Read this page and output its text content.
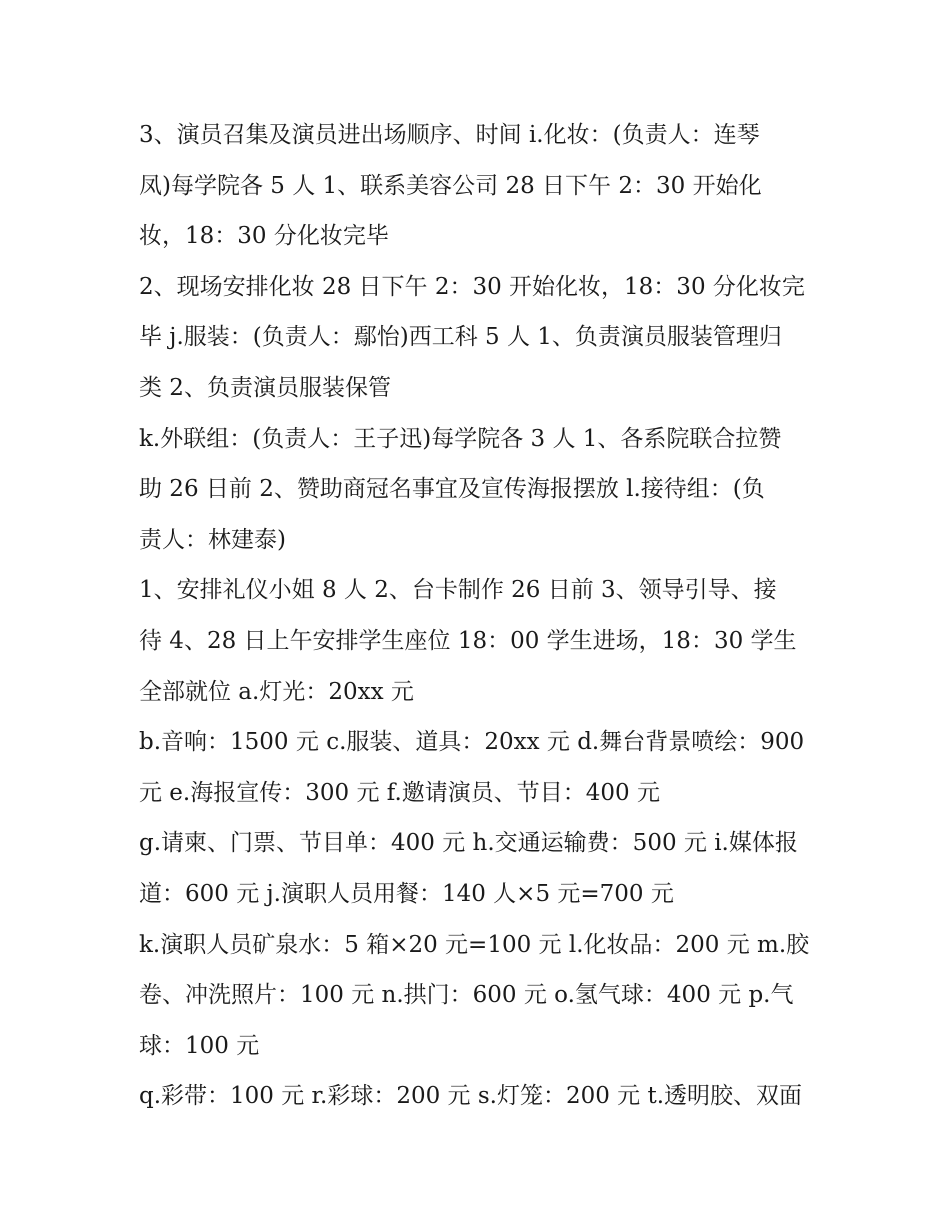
3、演员召集及演员进出场顺序、时间 i.化妆：(负责人：连琴
凤)每学院各 5 人 1、联系美容公司 28 日下午 2：30 开始化
妆，18：30 分化妆完毕

2、现场安排化妆 28 日下午 2：30 开始化妆，18：30 分化妆完
毕 j.服装：(负责人：鄢怡)西工科 5 人 1、负责演员服装管理归
类 2、负责演员服装保管

k.外联组：(负责人：王子迅)每学院各 3 人 1、各系院联合拉赞
助 26 日前 2、赞助商冠名事宜及宣传海报摆放 l.接待组：(负
责人：林建泰)

1、安排礼仪小姐 8 人 2、台卡制作 26 日前 3、领导引导、接
待 4、28 日上午安排学生座位 18：00 学生进场，18：30 学生
全部就位 a.灯光：20xx 元

b.音响：1500 元 c.服装、道具：20xx 元 d.舞台背景喷绘：900
元 e.海报宣传：300 元 f.邀请演员、节目：400 元

g.请柬、门票、节目单：400 元 h.交通运输费：500 元 i.媒体报
道：600 元 j.演职人员用餐：140 人×5 元=700 元

k.演职人员矿泉水：5 箱×20 元=100 元 l.化妆品：200 元 m.胶
卷、冲洗照片：100 元 n.拱门：600 元 o.氢气球：400 元 p.气
球：100 元

q.彩带：100 元 r.彩球：200 元 s.灯笼：200 元 t.透明胶、双面
